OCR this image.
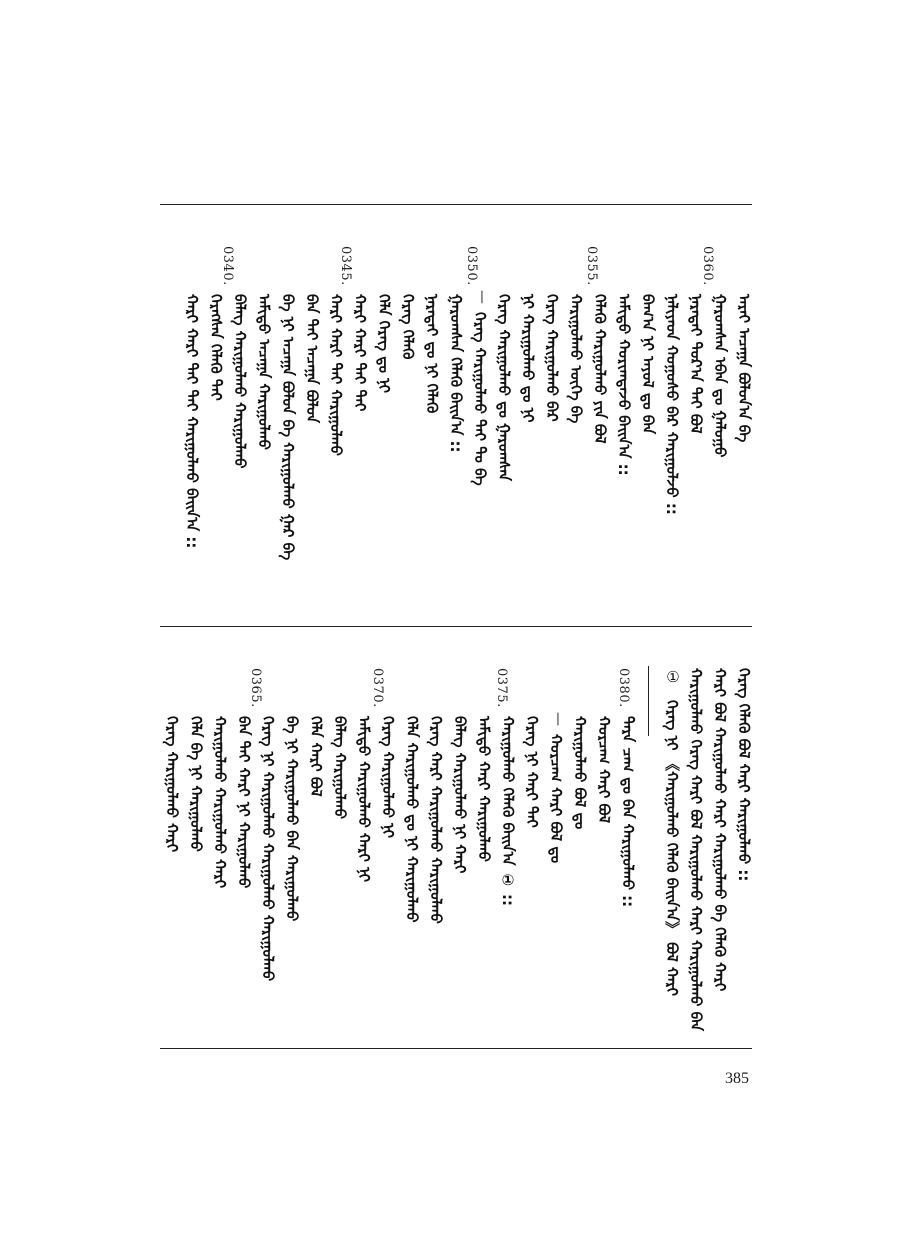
0360.
0355.
0350.
0345.
0340.
ᠠᠷᠠᠶ ᠠᠴᠠᠭᠠ ᠪᠣᠯᠤᠨ᠎ᠠ ᠪᠡ
ᠭᠠᠷᠤᠭᠰᠠᠨ ᠡᠪᠡᠨ ᠳᠤ ᠭᠠᠯᠤᠭᠤ
ᠨᠡᠷᠡᠲᠡᠢ ᠳᠤᠷ᠎ᠠ ᠲᠠᠢ ᠪᠣᠯ
ᠨᠡᠯᠢᠶᠡᠳ ᠬᠤᠭᠤᠰᠤ ᠪᠠᠷ ᠬᠠᠷᠢᠭᠤᠯᠵᠤ ::
ᠪᠠᠭ᠎ᠠ ᠨᠢ ᠠᠶᠤᠯ ᠳᠤ ᠪᠠᠨ
ᠠᠮᠢᠳᠤ ᠬᠣᠷᠢᠭᠳᠠᠵᠤ ᠪᠠᠢᠨ᠎ᠠ ::
ᠬᠡᠯᠡᠬᠦ ᠬᠠᠷᠢᠭᠤᠯᠬᠤ ᠶᠢᠨ ᠪᠣᠯ
ᠬᠠᠷᠢᠭᠤᠯᠬᠤ ᠦᠭᠡ ᠪᠡ
ᠬᠡᠷᠡᠭ ᠬᠠᠷᠢᠭᠤᠯᠬᠤ ᠪᠡᠷ
ᠨᠢ ᠬᠠᠷᠢᠭᠤᠯᠬᠤ ᠳᠤ ᠨᠢ
ᠬᠡᠷᠡᠭ ᠬᠠᠷᠢᠭᠤᠯᠬᠤ ᠳᠤ ᠭᠠᠷᠤᠭᠰᠠᠨ
—
ᠬᠡᠷᠡᠭ ᠬᠠᠷᠢᠭᠤᠯᠬᠤ ᠲᠠᠢ ᠲᠤ ᠪᠡ
ᠭᠠᠷᠤᠭᠰᠠᠨ ᠬᠡᠯᠡᠬᠦ ᠪᠠᠢᠨ᠎ᠠ ::
ᠨᠡᠷᠡᠲᠡᠢ ᠳᠤ ᠨᠢ ᠬᠡᠯᠡᠬᠦ
ᠬᠡᠷᠡᠭ ᠬᠡᠯᠡᠬᠦ
ᠬᠡᠯᠡ ᠬᠡᠷᠡᠭ ᠳᠤ ᠨᠢ
ᠬᠠᠷᠢ ᠬᠠᠷᠢ ᠲᠠᠢ ᠲᠠᠢ
ᠬᠠᠷᠢ ᠬᠠᠷᠢ ᠲᠠᠢ ᠬᠠᠷᠢᠭᠤᠯᠬᠤ
ᠪᠠᠨ ᠲᠠᠢ ᠠᠴᠠᠭᠠ ᠪᠣᠯᠤᠨ
ᠪᠡ ᠨᠢ ᠠᠴᠠᠭᠠ ᠪᠣᠯᠤᠨ ᠪᠠ ᠬᠠᠷᠢᠭᠤᠯᠬᠤ ᠭᠠᠷ ᠪᠠ
ᠠᠮᠢᠳᠤ ᠠᠴᠠᠭᠠ ᠬᠠᠷᠢᠭᠤᠯᠬᠤ
ᠪᠡᠯᠡᠭ ᠬᠠᠷᠢᠭᠤᠯᠬᠤ ᠬᠠᠷᠢᠭᠤᠯᠬᠤ
ᠬᠡᠷᠡᠭᠰᠡᠨ ᠬᠡᠯᠡᠬᠦ ᠲᠠᠢ
ᠬᠠᠷᠢ ᠬᠠᠷᠢ ᠲᠠᠢ ᠲᠠᠢ ᠬᠠᠷᠢᠭᠤᠯᠬᠤ ᠪᠠᠢᠨ᠎ᠠ ::
ᠬᠡᠷᠡᠭ ᠬᠡᠯᠡᠬᠦ ᠪᠣᠯ ᠬᠠᠷᠢ ᠬᠠᠷᠢᠭᠤᠯᠬᠤ ::
ᠬᠠᠷᠢ ᠪᠣᠯ ᠬᠠᠷᠢᠭᠤᠯᠬᠤ ᠬᠠᠷᠢ ᠬᠠᠷᠢᠭᠤᠯᠬᠤ ᠪᠠ ᠬᠡᠯᠡᠬᠦ ᠬᠠᠷᠢ
ᠬᠠᠷᠢᠭᠤᠯᠬᠤ ᠬᠡᠷᠡᠭ ᠬᠠᠷᠢ ᠪᠣᠯ ᠬᠠᠷᠢᠭᠤᠯᠬᠤ ᠬᠠᠷᠢ ᠬᠠᠷᠢᠭᠤᠯᠬᠤ ᠪᠠᠨ
①
ᠬᠡᠷᠡᠭ ᠨᠢ 《ᠬᠠᠷᠢᠭᠤᠯᠬᠤ ᠬᠡᠯᠡᠬᠦ ᠪᠠᠢᠨ᠎ᠠ》 ᠪᠣᠯ ᠬᠠᠷᠢ
0380.
0375.
0370.
0365.
ᠲᠡᠷᠡ ᠴᠠᠭ ᠳᠤ ᠪᠠᠨ ᠬᠠᠷᠢᠭᠤᠯᠬᠤ ::
ᠬᠤᠷᠴᠠᠭ ᠬᠠᠷᠢ ᠪᠣᠯ
ᠬᠠᠷᠢᠭᠤᠯᠬᠤ ᠪᠣᠯ ᠳᠤ
—
ᠬᠤᠷᠴᠠᠭ ᠬᠠᠷᠢ ᠪᠣᠯ ᠳᠤ
ᠬᠡᠷᠡᠭ ᠨᠢ ᠬᠠᠷᠢ ᠲᠠᠢ
ᠬᠠᠷᠢᠭᠤᠯᠬᠤ ᠬᠡᠯᠡᠬᠦ ᠪᠠᠢᠨ᠎ᠠ ① ::
ᠠᠮᠢᠳᠤ ᠬᠠᠷᠢ ᠬᠠᠷᠢᠭᠤᠯᠬᠤ
ᠪᠡᠯᠡᠭ ᠬᠠᠷᠢᠭᠤᠯᠬᠤ ᠨᠢ ᠬᠠᠷᠢ
ᠬᠡᠷᠡᠭ ᠬᠠᠷᠢ ᠬᠠᠷᠢᠭᠤᠯᠬᠤ ᠬᠠᠷᠢᠭᠤᠯᠬᠤ
ᠬᠡᠯᠡ ᠬᠠᠷᠢᠭᠤᠯᠬᠤ ᠳᠤ ᠨᠢ ᠬᠠᠷᠢᠭᠤᠯᠬᠤ
ᠬᠡᠷᠡᠭ ᠬᠠᠷᠢᠭᠤᠯᠬᠤ ᠨᠢ
ᠠᠮᠢᠳᠤ ᠬᠠᠷᠢᠭᠤᠯᠬᠤ ᠬᠠᠷᠢ ᠨᠢ
ᠪᠡᠯᠡᠭ ᠬᠠᠷᠢᠭᠤᠯᠬᠤ
ᠬᠡᠯᠡ ᠬᠠᠷᠢ ᠪᠣᠯ
ᠪᠡ ᠨᠢ ᠬᠠᠷᠢᠭᠤᠯᠬᠤ ᠪᠠᠨ ᠬᠠᠷᠢᠭᠤᠯᠬᠤ
ᠬᠡᠷᠡᠭ ᠨᠢ ᠬᠠᠷᠢᠭᠤᠯᠬᠤ ᠬᠠᠷᠢᠭᠤᠯᠬᠤ ᠬᠠᠷᠢᠭᠤᠯᠬᠤ
ᠪᠠᠨ ᠲᠠᠢ ᠬᠠᠷᠢ ᠨᠢ ᠬᠠᠷᠢᠭᠤᠯᠬᠤ
ᠬᠠᠷᠢᠭᠤᠯᠬᠤ ᠬᠠᠷᠢᠭᠤᠯᠬᠤ ᠬᠠᠷᠢ
ᠬᠡᠯᠡ ᠪᠠ ᠨᠢ ᠬᠠᠷᠢᠭᠤᠯᠬᠤ
ᠬᠡᠷᠡᠭ ᠬᠠᠷᠢᠭᠤᠯᠬᠤ ᠬᠠᠷᠢ
385
